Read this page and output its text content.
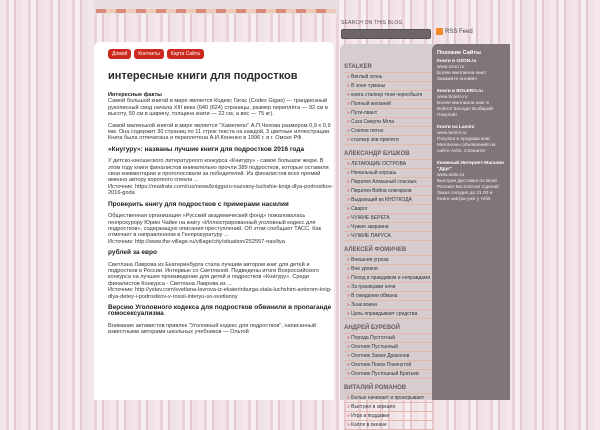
SEARCH ON THIS BLOG
RSS Feed
Домой	Контакты	Карта Сайта
интересные книги для подростков
Интересные факты

Самой большой книгой в мире является Кодекс Гигас (Codex Gigas) — грандиозный рукописный свод начала XIII века (640 (624) страницы, размер переплёта — 92 см в высоту, 50 см в ширину, толщина книги — 22 см, а вес — 75 кг).

Самой маленькой книгой в мире является "Хамелеон" А.П.Чехова размером 0,9 х 0,9 мм. Она содержит 30 страниц по 11 строк текста на каждой, 3 цветные иллюстрации. Книга была отпечатана и переплетена А.И.Коненко в 1996 г. в г. Омске РФ.

«Кнугуру»: названы лучшие книги для подростков 2016 года

У детско-юношеского литературного конкурса «Книгуру» - самое большое жюри. В этом году книги финалистов внимательно прочли 389 подростков, которые оставили свои комментарии и проголосовали за победителей. Из финалистов всех премий именно автору короткого спекла ...
Источник: https://readrate.com/rus/news/knigguru-nazvany-luchshie-knigi-dlya-podrostkov-2016-goda

Проверить книгу для подростков с примерами насилия

Общественная организация «Русский академический фонд» пожаловалась генпрокурору Юрию Чайке на книгу «Иллюстрированный уголовный кодекс для подростков», содержащую описания преступлений. Об этом сообщает ТАСС. Как отмечает в направленном в Генпрокуратуру ...
Источник: http://www.the-village.ru/village/city/situation/252557-nasiliya

рублей за евро

Светлана Лаврова из Екатеринбурга стала лучшим автором книг для детей и подростков в России. Интервью со Светланой. Подведены итоги Всероссийского конкурса на лучшее произведение для детей и подростков «Книгуру». Среди финалистов Конкурса - Светлана Лаврова из ...
Источник: http://ystav.com/svetlana-lavrova-iz-ekaterinburga-stala-luchshim-avtorom-knig-dlya-detey-i-podrostkov-v-rossii-interyu-so-svetlanoy

Версию Уголовного кодекса для подростков обвинили в пропаганде гомосексуализма

Внимание активистов привлек "Уголовный кодекс для подростков", написанный известными авторами школьных учебников — Ольгой

STALKER
» Веглый огонь
» В зоне туманы
» книга сталкер тени чернобыля
» Полный желаний
» Пути-пвант
» Сага Смерти Мгла
» Слепое пятно
» сталкер зов припяти
АЛЕКСАНДР БУШКОВ
» ЛЕТАЮЩИЕ ОСТРОВА
» Начальный хорошь
» Пиратия Алмазный спасиых
» Пиратия Война олигархов
» Выдающий из КНОТКОДА
» Сварог
» ЧУЖИЕ БЕРЕГА
» Чужие закраина
» ЧУЖИЕ ПАРУСА
АЛЕКСЕЙ ФОМИЧЕВ
» Внешняя угроза
» Вне уровня
» Поход в правдивом и неправдами
» За границами ночи
» В ожидании обмана
» Знак воина
» Цель оправдывает средства
АНДРЕЙ БУРЕВОЙ
» Порода Пустотный
» Охотник Пустынный
» Охотник Замок Драконов
» Охотник Поиск Покинутой
» Охотник Пустошный Братьев
ВИТАЛИЙ РОМАНОВ
» Белые начинает и проигрывает
» Выстрел в зеркало
» Игра в поддавки
» Капля в океане
Похожие Сайты
Книги в OZON.ru
www.ozon.ru
Более миллиона книг! Закажите онлайн!
Книги в BOLERO.ru
www.bolero.ru
Более миллиона книг в Bolero! Заходи! Выбирай! Покупай!
Книги на Lamini
www.lamini.ru
Покупка и продажа книг. Миллионы объявлений на сайте Avito. Спешите!
Книжный Интернет-Магазин "Друг"
www.avito.ru
Быстрая Доставка по Всей России! Бесплатно! Сделай Заказ сегодня до 21.00 и Книги завтра уже у тебя
